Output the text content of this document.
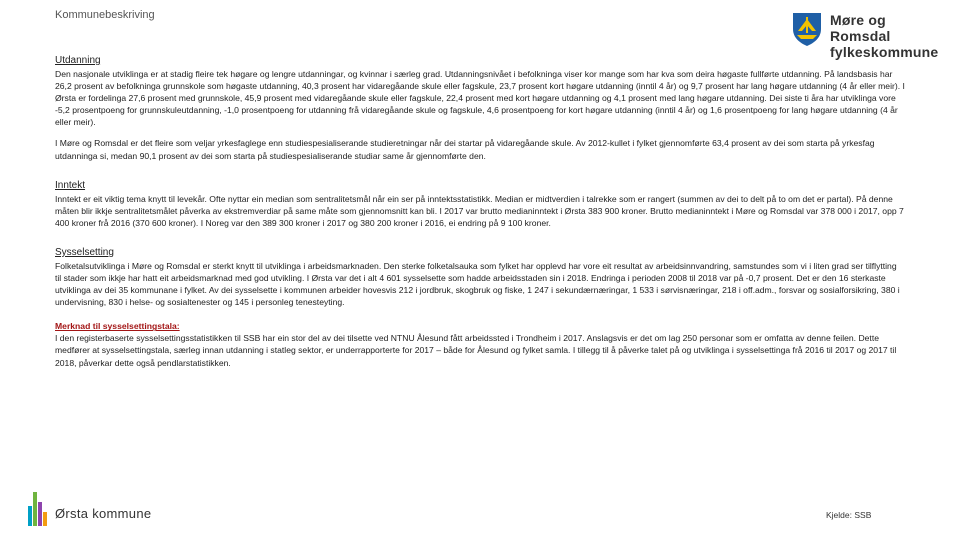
Kommunebeskriving	Møre og Romsdal
fylkeskommune
Utdanning

Den nasjonale utviklinga er at stadig fleire tek høgare og lengre utdanningar, og kvinnar i særleg grad. Utdanningsnivået i befolkninga viser kor mange som har kva som deira høgaste fullførte utdanning. På landsbasis har 26,2 prosent av befolkninga grunnskole som høgaste utdanning, 40,3 prosent har vidaregåande skule eller fagskule, 23,7 prosent kort høgare utdanning (inntil 4 år) og 9,7 prosent har lang høgare utdanning (4 år eller meir). I Ørsta er fordelinga 27,6 prosent med grunnskole, 45,9 prosent med vidaregåande skule eller fagskule, 22,4 prosent med kort høgare utdanning og 4,1 prosent med lang høgare utdanning. Dei siste ti åra har utviklinga vore -5,2 prosentpoeng for grunnskuleutdanning, -1,0 prosentpoeng for utdanning frå vidaregåande skule og fagskule, 4,6 prosentpoeng for kort høgare utdanning (inntil 4 år) og 1,6 prosentpoeng for lang høgare utdanning (4 år eller meir).

I Møre og Romsdal er det fleire som veljar yrkesfaglege enn studiespesialiserande studieretningar når dei startar på vidaregåande skule. Av 2012-kullet i fylket gjennomførte 63,4 prosent av dei som starta på yrkesfag utdanninga si, medan 90,1 prosent av dei som starta på studiespesialiserande studiar same år gjennomførte den.

Inntekt

Inntekt er eit viktig tema knytt til levekår. Ofte nyttar ein median som sentralitetsmål når ein ser på inntektsstatistikk. Median er midtverdien i talrekke som er rangert (summen av dei to delt på to om det er partal). På denne måten blir ikkje sentralitetsmålet påverka av ekstremverdiar på same måte som gjennomsnitt kan bli. I 2017 var brutto medianinntekt i Ørsta 383 900 kroner. Brutto medianinntekt i Møre og Romsdal var 378 000 i 2017, opp 7 400 kroner frå 2016 (370 600 kroner). I Noreg var den 389 300 kroner i 2017 og 380 200 kroner i 2016, ei endring på 9 100 kroner.

Sysselsetting

Folketalsutviklinga i Møre og Romsdal er sterkt knytt til utviklinga i arbeidsmarknaden. Den sterke folketalsauka som fylket har opplevd har vore eit resultat av arbeidsinnvandring, samstundes som vi i liten grad ser tilflytting til stader som ikkje har hatt eit arbeidsmarknad med god utvikling. I Ørsta var det i alt 4 601 sysselsette som hadde arbeidsstaden sin i 2018. Endringa i perioden 2008 til 2018 var på -0,7 prosent. Det er den 16 sterkaste utviklinga av dei 35 kommunane i fylket. Av dei sysselsette i kommunen arbeider hovesvis 212 i jordbruk, skogbruk og fiske, 1 247 i sekundærnæringar, 1 533 i sørvisnæringar, 218 i off.adm., forsvar og sosialforsikring, 380 i undervisning, 830 i helse- og sosialtenester og 145 i personleg tenesteyting.

Merknad til sysselsettingstala:

I den registerbaserte sysselsettingsstatistikken til SSB har ein stor del av dei tilsette ved NTNU Ålesund fått arbeidssted i Trondheim i 2017. Anslagsvis er det om lag 250 personar som er omfatta av denne feilen. Dette medfører at sysselsettingstala, særleg innan utdanning i statleg sektor, er underrapporterte for 2017 – både for Ålesund og fylket samla. I tillegg til å påverke talet på og utviklinga i sysselsettinga frå 2016 til 2017 og 2017 til 2018, påverkar dette også pendlarstatistikken.

Ørsta kommune	Kjelde: SSB
